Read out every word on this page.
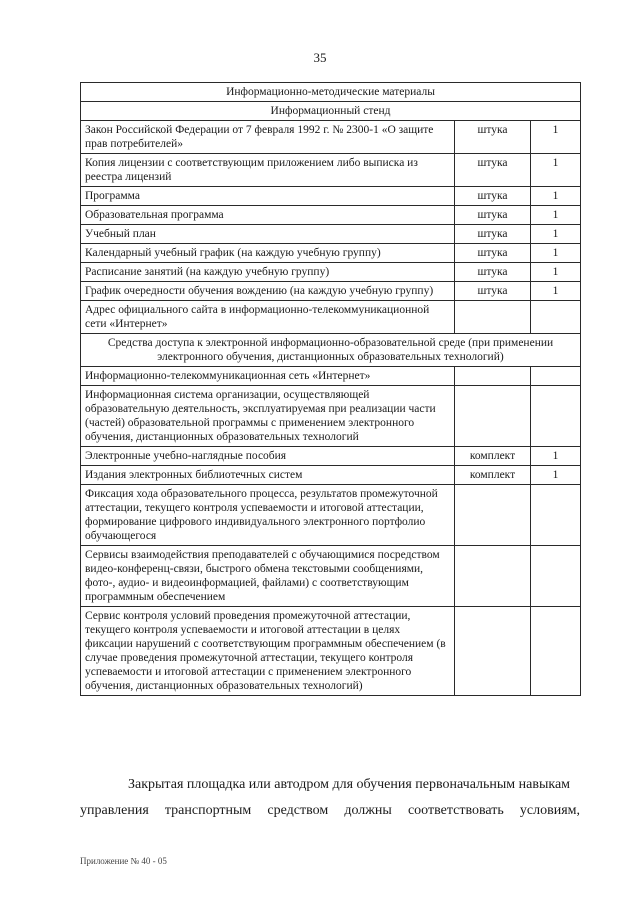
35
Информационно-методические материалы		
Информационный стенд		
Закон Российской Федерации от 7 февраля 1992 г. № 2300-1 «О защите прав потребителей»	штука	1
Копия лицензии с соответствующим приложением либо выписка из реестра лицензий	штука	1
Программа	штука	1
Образовательная программа	штука	1
Учебный план	штука	1
Календарный учебный график (на каждую учебную группу)	штука	1
Расписание занятий (на каждую учебную группу)	штука	1
График очередности обучения вождению (на каждую учебную группу)	штука	1
Адрес официального сайта в информационно-телекоммуникационной сети «Интернет»		
Средства доступа к электронной информационно-образовательной среде (при применении электронного обучения, дистанционных образовательных технологий)		
Информационно-телекоммуникационная сеть «Интернет»		
Информационная система организации, осуществляющей образовательную деятельность, эксплуатируемая при реализации части (частей) образовательной программы с применением электронного обучения, дистанционных образовательных технологий		
Электронные учебно-наглядные пособия	комплект	1
Издания электронных библиотечных систем	комплект	1
Фиксация хода образовательного процесса, результатов промежуточной аттестации, текущего контроля успеваемости и итоговой аттестации, формирование цифрового индивидуального электронного портфолио обучающегося		
Сервисы взаимодействия преподавателей с обучающимися посредством видео-конференц-связи, быстрого обмена текстовыми сообщениями, фото-, аудио- и видеоинформацией, файлами) с соответствующим программным обеспечением		
Сервис контроля условий проведения промежуточной аттестации, текущего контроля успеваемости и итоговой аттестации в целях фиксации нарушений с соответствующим программным обеспечением (в случае проведения промежуточной аттестации, текущего контроля успеваемости и итоговой аттестации с применением электронного обучения, дистанционных образовательных технологий)		
Закрытая площадка или автодром для обучения первоначальным навыкам
управления транспортным средством должны соответствовать условиям,
Приложение № 40 - 05
